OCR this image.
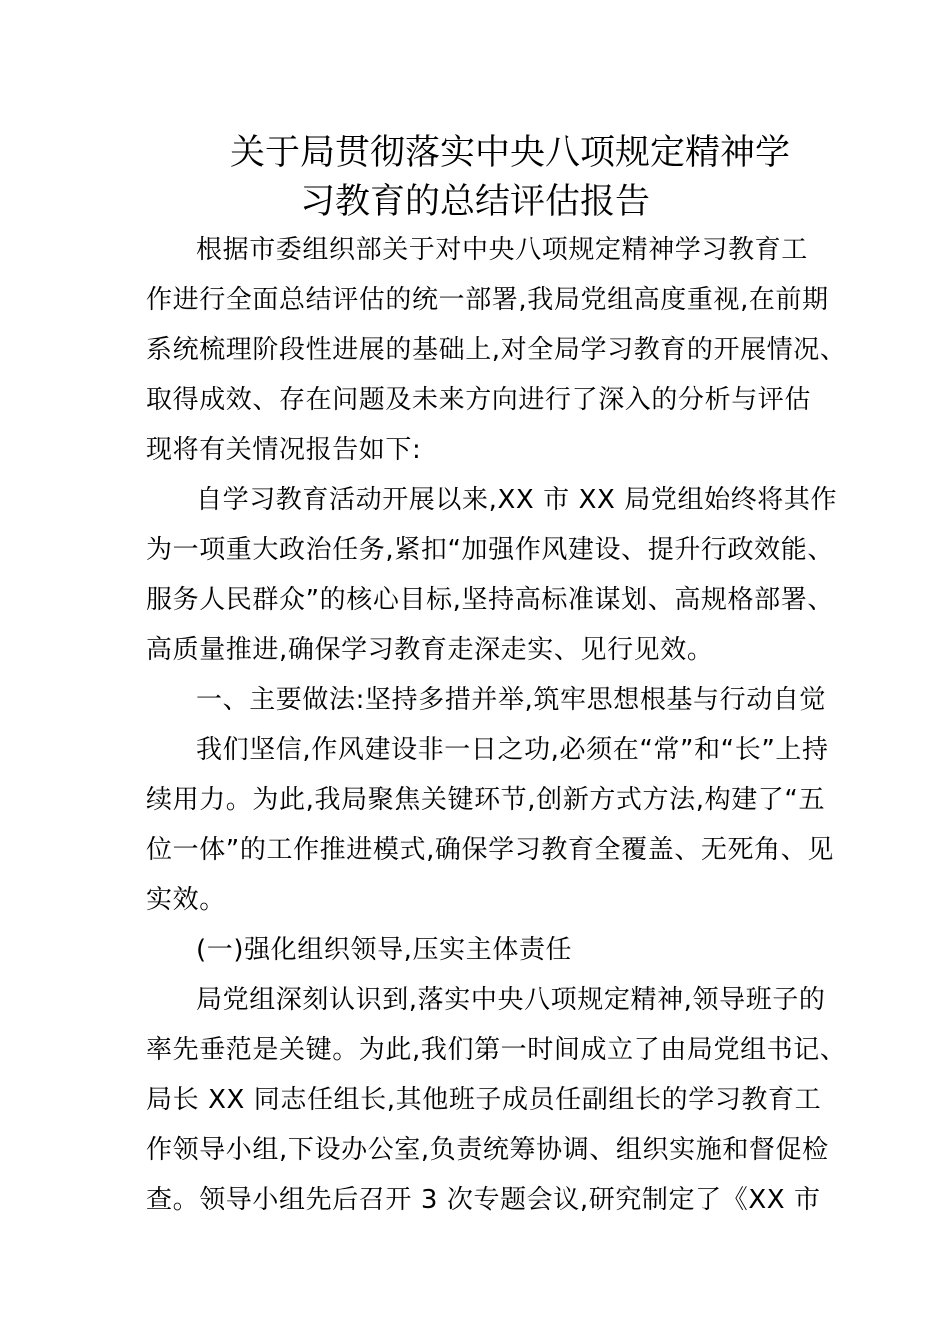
关于局贯彻落实中央八项规定精神学
习教育的总结评估报告
根据市委组织部关于对中央八项规定精神学习教育工
作进行全面总结评估的统一部署,我局党组高度重视,在前期
系统梳理阶段性进展的基础上,对全局学习教育的开展情况、
取得成效、存在问题及未来方向进行了深入的分析与评估
现将有关情况报告如下:
自学习教育活动开展以来,XX 市 XX 局党组始终将其作
为一项重大政治任务,紧扣“加强作风建设、提升行政效能、
服务人民群众”的核心目标,坚持高标准谋划、高规格部署、
高质量推进,确保学习教育走深走实、见行见效。
一、主要做法:坚持多措并举,筑牢思想根基与行动自觉
我们坚信,作风建设非一日之功,必须在“常”和“长”上持
续用力。为此,我局聚焦关键环节,创新方式方法,构建了“五
位一体”的工作推进模式,确保学习教育全覆盖、无死角、见
实效。
(一)强化组织领导,压实主体责任
局党组深刻认识到,落实中央八项规定精神,领导班子的
率先垂范是关键。为此,我们第一时间成立了由局党组书记、
局长 XX 同志任组长,其他班子成员任副组长的学习教育工
作领导小组,下设办公室,负责统筹协调、组织实施和督促检
查。领导小组先后召开 3 次专题会议,研究制定了《XX 市
